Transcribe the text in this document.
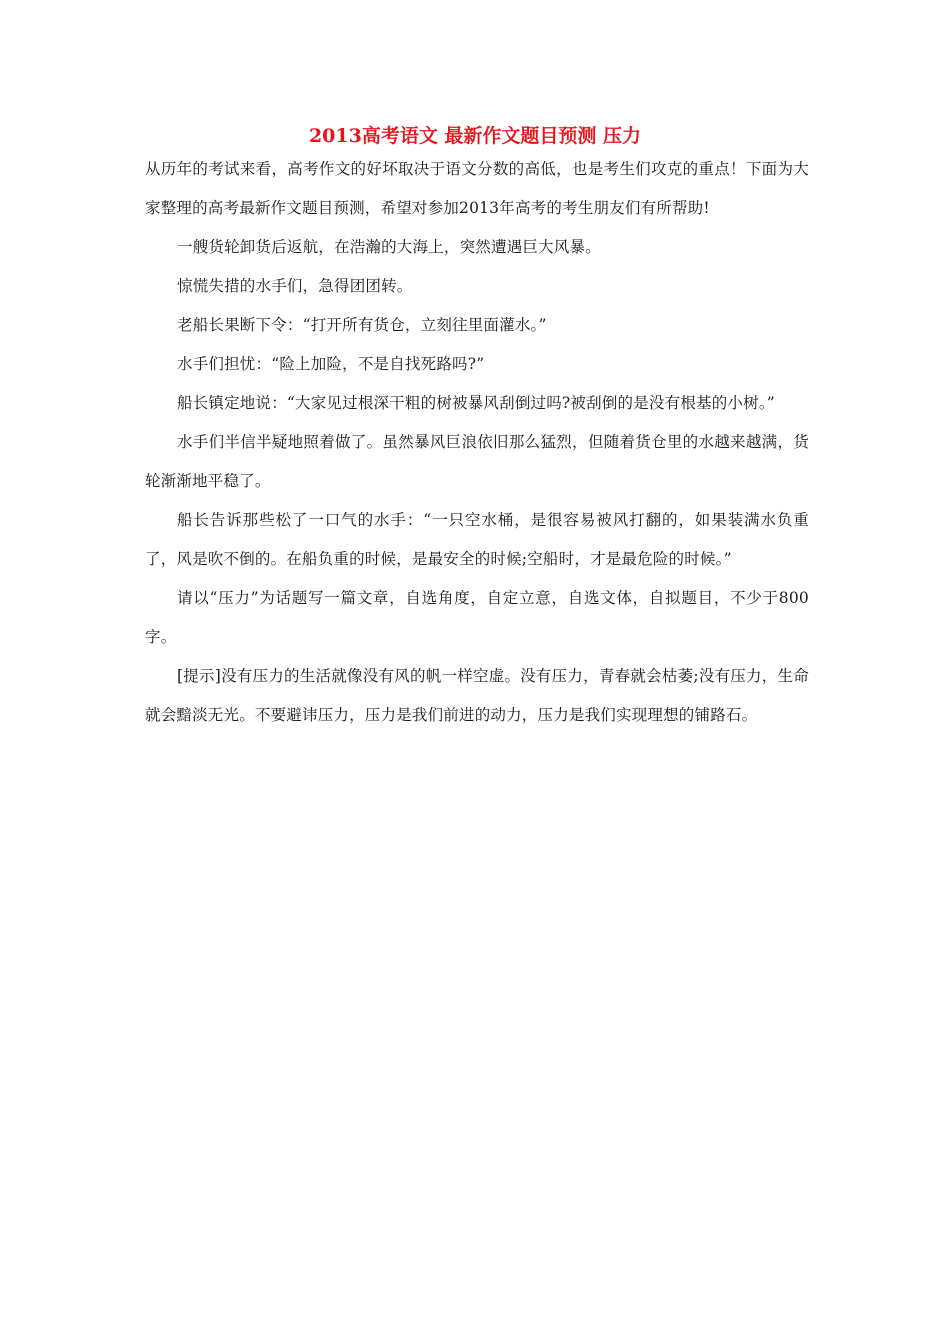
2013高考语文 最新作文题目预测 压力

从历年的考试来看，高考作文的好坏取决于语文分数的高低，也是考生们攻克的重点！下面为大家整理的高考最新作文题目预测，希望对参加2013年高考的考生朋友们有所帮助!

一艘货轮卸货后返航，在浩瀚的大海上，突然遭遇巨大风暴。

惊慌失措的水手们，急得团团转。

老船长果断下令：“打开所有货仓，立刻往里面灌水。”

水手们担忧：“险上加险，不是自找死路吗?”

船长镇定地说：“大家见过根深干粗的树被暴风刮倒过吗?被刮倒的是没有根基的小树。”

水手们半信半疑地照着做了。虽然暴风巨浪依旧那么猛烈，但随着货仓里的水越来越满，货轮渐渐地平稳了。

船长告诉那些松了一口气的水手：“一只空水桶，是很容易被风打翻的，如果装满水负重了，风是吹不倒的。在船负重的时候，是最安全的时候;空船时，才是最危险的时候。”

请以“压力”为话题写一篇文章，自选角度，自定立意，自选文体，自拟题目，不少于800字。

[提示]没有压力的生活就像没有风的帆一样空虚。没有压力，青春就会枯萎;没有压力，生命就会黯淡无光。不要避讳压力，压力是我们前进的动力，压力是我们实现理想的铺路石。
